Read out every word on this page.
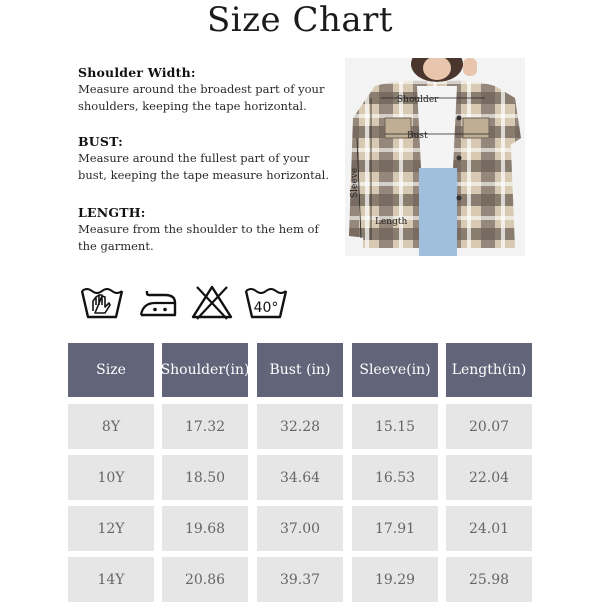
Size Chart
Shoulder Width:
Measure around the broadest part of your shoulders, keeping the tape horizontal.
BUST:
Measure around the fullest part of your bust, keeping the tape measure horizontal.
LENGTH:
Measure from the shoulder to the hem of the garment.
Shoulder
Bust
Length
Sleeve
40°
Size	Shoulder(in)	Bust (in)	Sleeve(in)	Length(in)
8Y	17.32	32.28	15.15	20.07
10Y	18.50	34.64	16.53	22.04
12Y	19.68	37.00	17.91	24.01
14Y	20.86	39.37	19.29	25.98
